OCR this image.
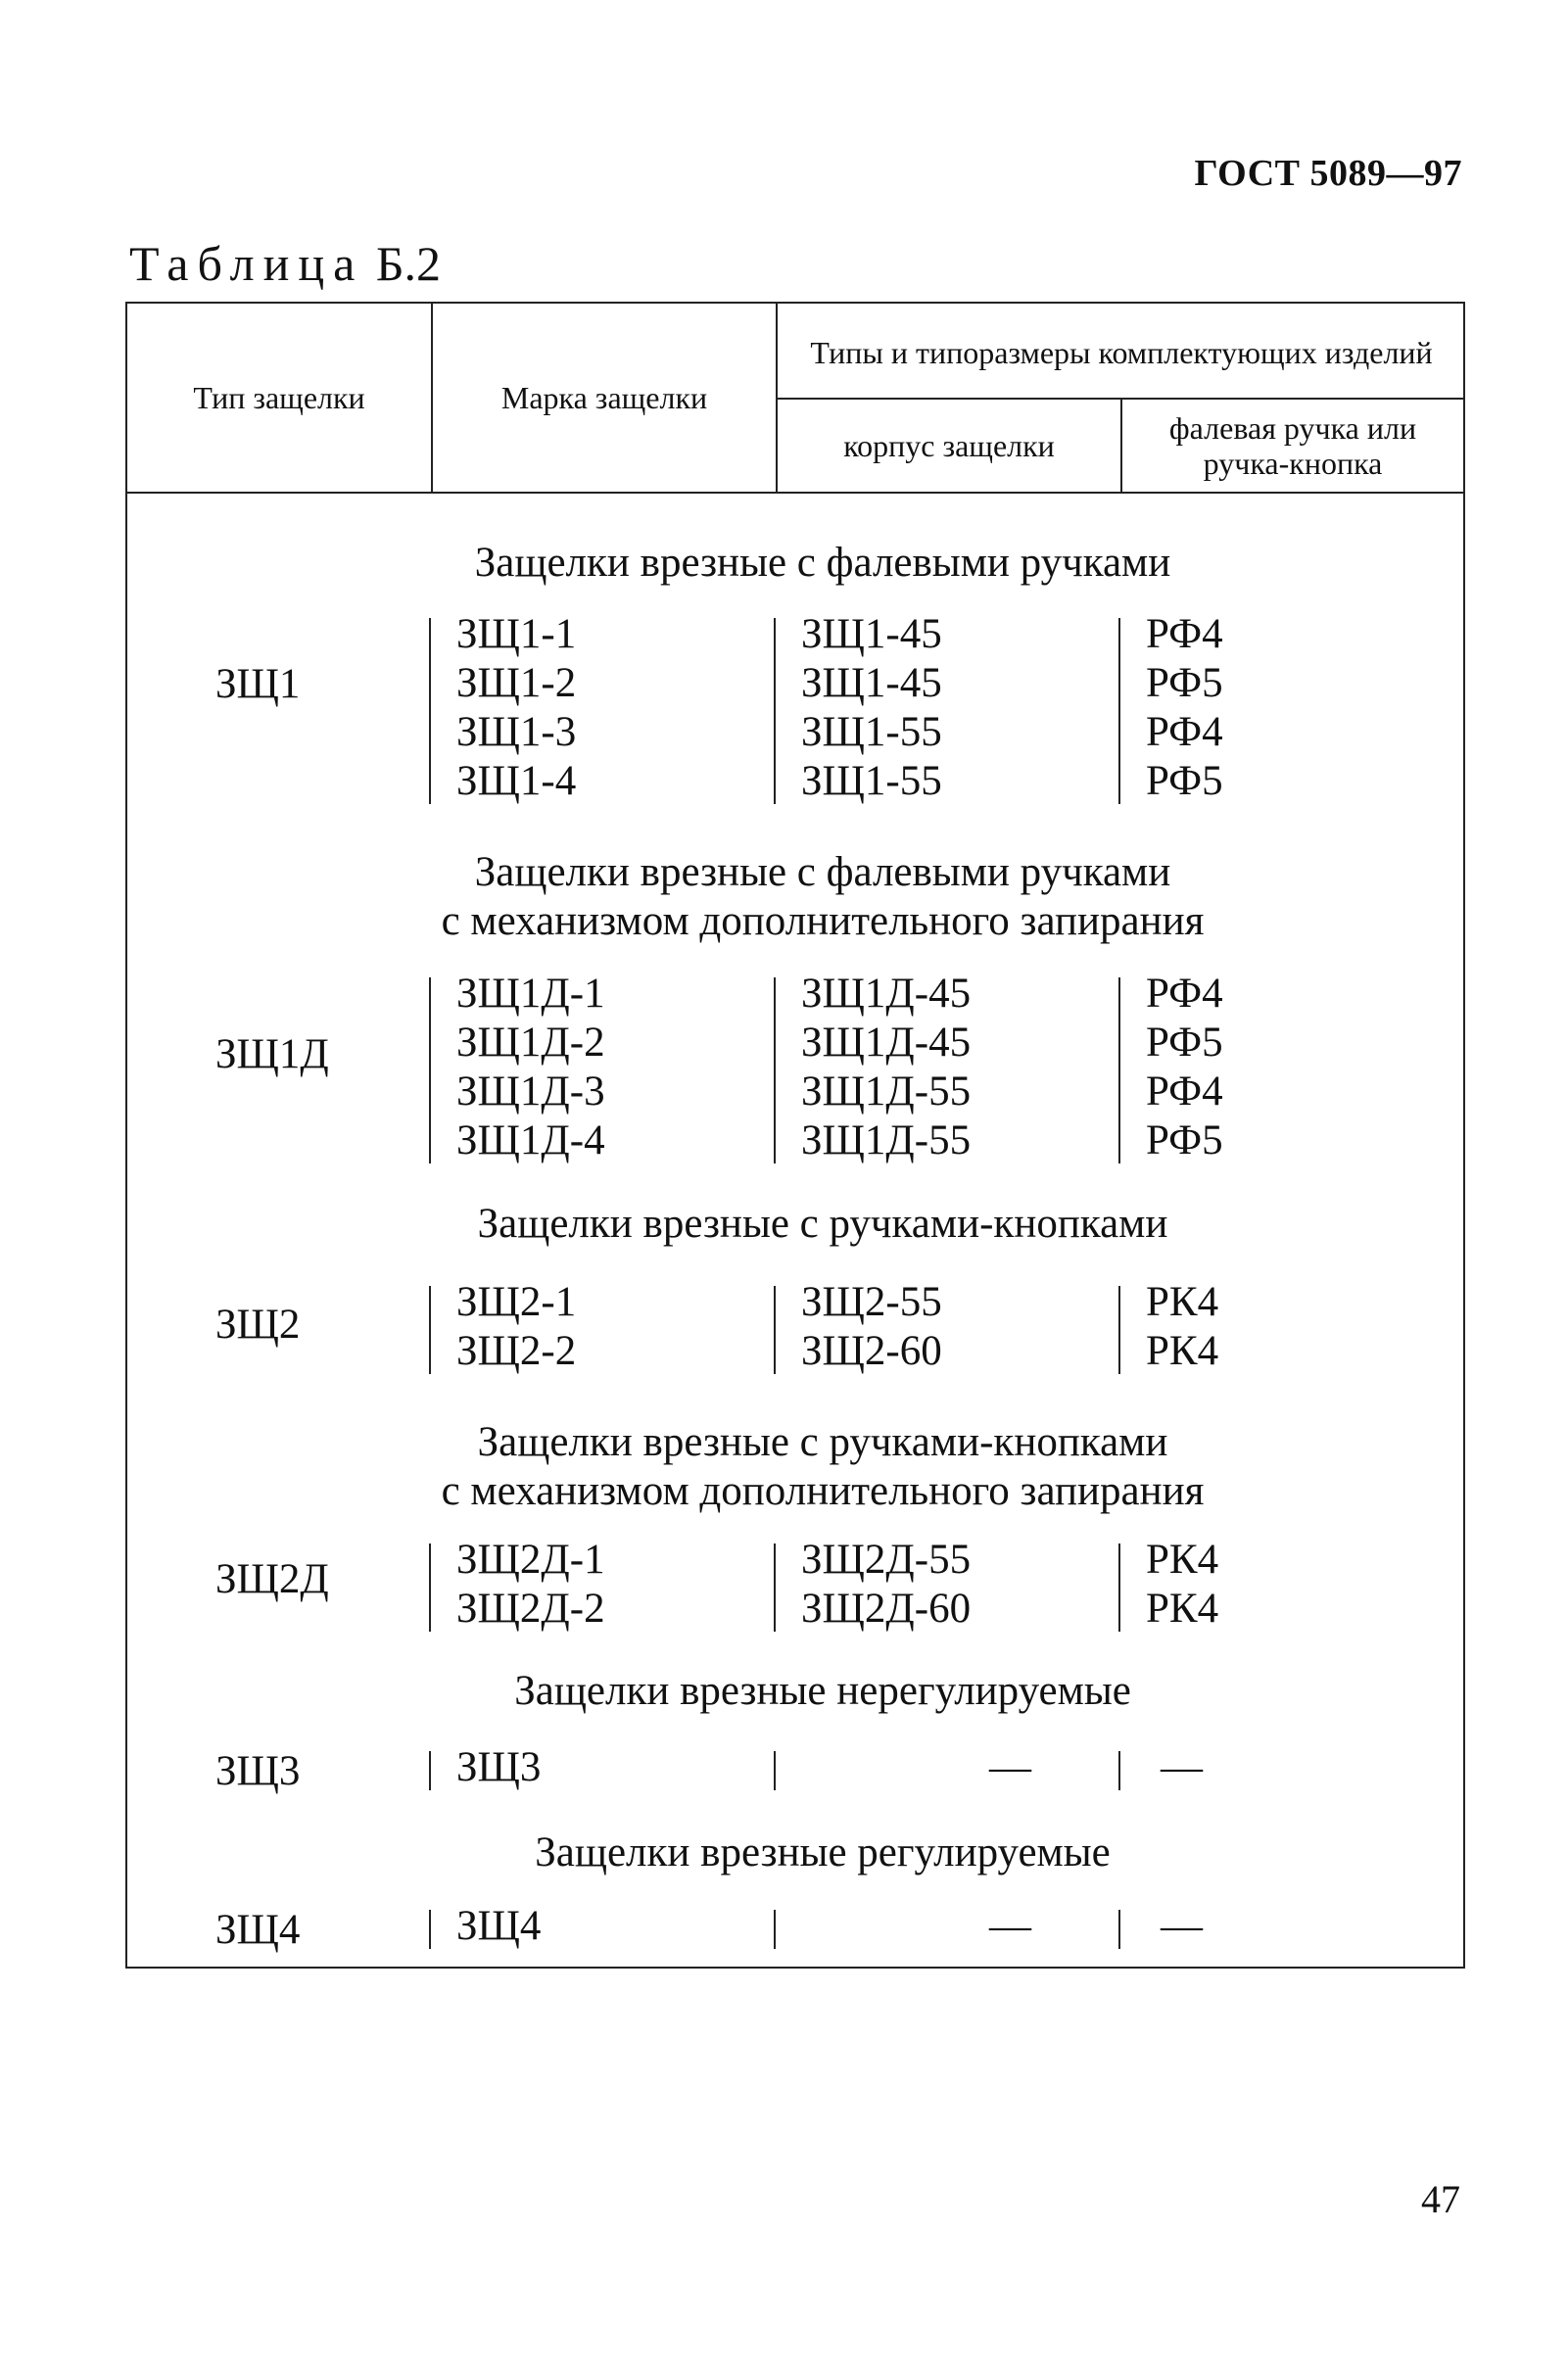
ГОСТ 5089—97
Таблица Б.2
Тип защелки	Марка защелки
Типы и типоразмеры комплектующих изделий
корпус защелки	фалевая ручка или ручка-кнопка
Защелки врезные с фалевыми ручками
ЗЩ1
ЗЩ1-1	ЗЩ1-45	РФ4
ЗЩ1-2	ЗЩ1-45	РФ5
ЗЩ1-3	ЗЩ1-55	РФ4
ЗЩ1-4	ЗЩ1-55	РФ5
Защелки врезные с фалевыми ручками
с механизмом дополнительного запирания
ЗЩ1Д
ЗЩ1Д-1	ЗЩ1Д-45	РФ4
ЗЩ1Д-2	ЗЩ1Д-45	РФ5
ЗЩ1Д-3	ЗЩ1Д-55	РФ4
ЗЩ1Д-4	ЗЩ1Д-55	РФ5
Защелки врезные с ручками-кнопками
ЗЩ2	ЗЩ2-1	ЗЩ2-55	РК4
ЗЩ2-2	ЗЩ2-60	РК4
Защелки врезные с ручками-кнопками
с механизмом дополнительного запирания
ЗЩ2Д	ЗЩ2Д-1	ЗЩ2Д-55	РК4
ЗЩ2Д-2	ЗЩ2Д-60	РК4
Защелки врезные нерегулируемые
ЗЩ3	ЗЩ3	—	—
Защелки врезные регулируемые
ЗЩ4	ЗЩ4	—	—
47
